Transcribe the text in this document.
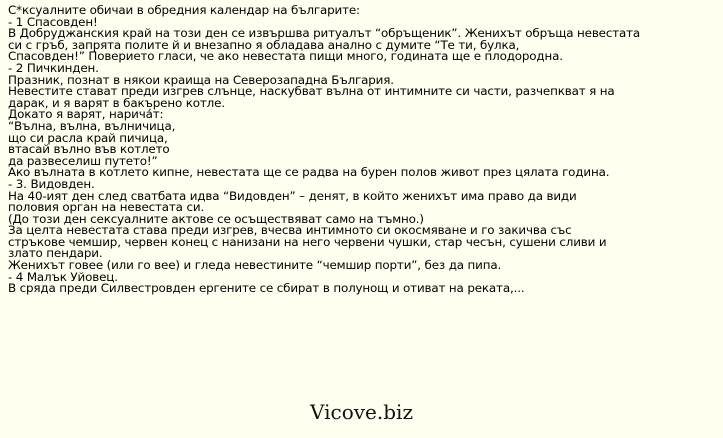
С*ксуалните обичаи в обредния календар на българите:
- 1 Спасовден!
В Добруджанския край на този ден се извършва ритуалът “обръщеник”. Женихът обръща невестата
си с гръб, запрята полите й и внезапно я обладава анално с думите “Те ти, булка,
Спасовден!” Поверието гласи, че ако невестата пищи много, годината ще е плодородна.
- 2 Пичкинден.
Празник, познат в някои краища на Северозападна България.
Невестите стават преди изгрев слънце, наскубват вълна от интимните си части, разчепкват я на
дарак, и я варят в бакърено котле.
Докато я варят, нарича́т:
“Вълна, вълна, вълничица,
що си расла край пичица,
втасай вълно във котлето
да развеселиш путето!”
Ако вълната в котлето кипне, невестата ще се радва на бурен полов живот през цялата година.
- 3. Видовден.
На 40-ият ден след сватбата идва “Видовден” – денят, в който женихът има право да види
половия орган на невестата си.
(До този ден сексуалните актове се осъществяват само на тъмно.)
За целта невестата става преди изгрев, вчесва интимното си окосмяване и го закичва със
стръкове чемшир, червен конец с нанизани на него червени чушки, стар чесън, сушени сливи и
злато пендари.
Женихът говее (или го вее) и гледа невестините “чемшир порти”, без да пипа.
- 4 Малък Уйовец.
В сряда преди Силвестровден ергените се сбират в полунощ и отиват на реката,...
Vicove.biz
